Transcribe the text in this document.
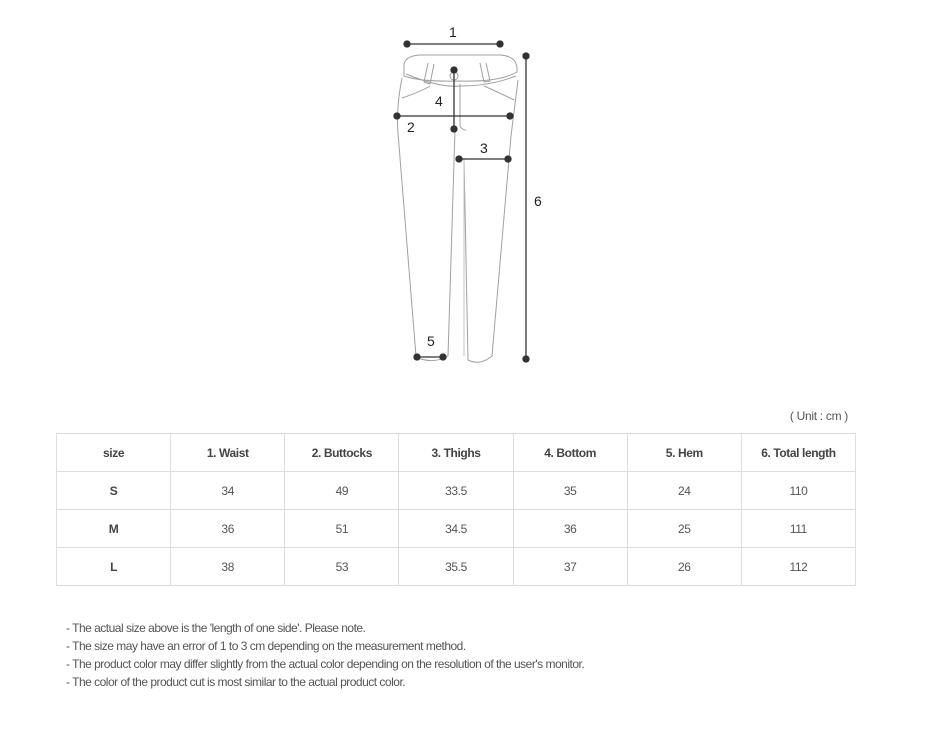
1
2
3
4
5
6
( Unit : cm )
size	1. Waist	2. Buttocks	3. Thighs	4. Bottom	5. Hem	6. Total length
S	34	49	33.5	35	24	110
M	36	51	34.5	36	25	111
L	38	53	35.5	37	26	112
- The actual size above is the 'length of one side'. Please note.
- The size may have an error of 1 to 3 cm depending on the measurement method.
- The product color may differ slightly from the actual color depending on the resolution of the user's monitor.
- The color of the product cut is most similar to the actual product color.
